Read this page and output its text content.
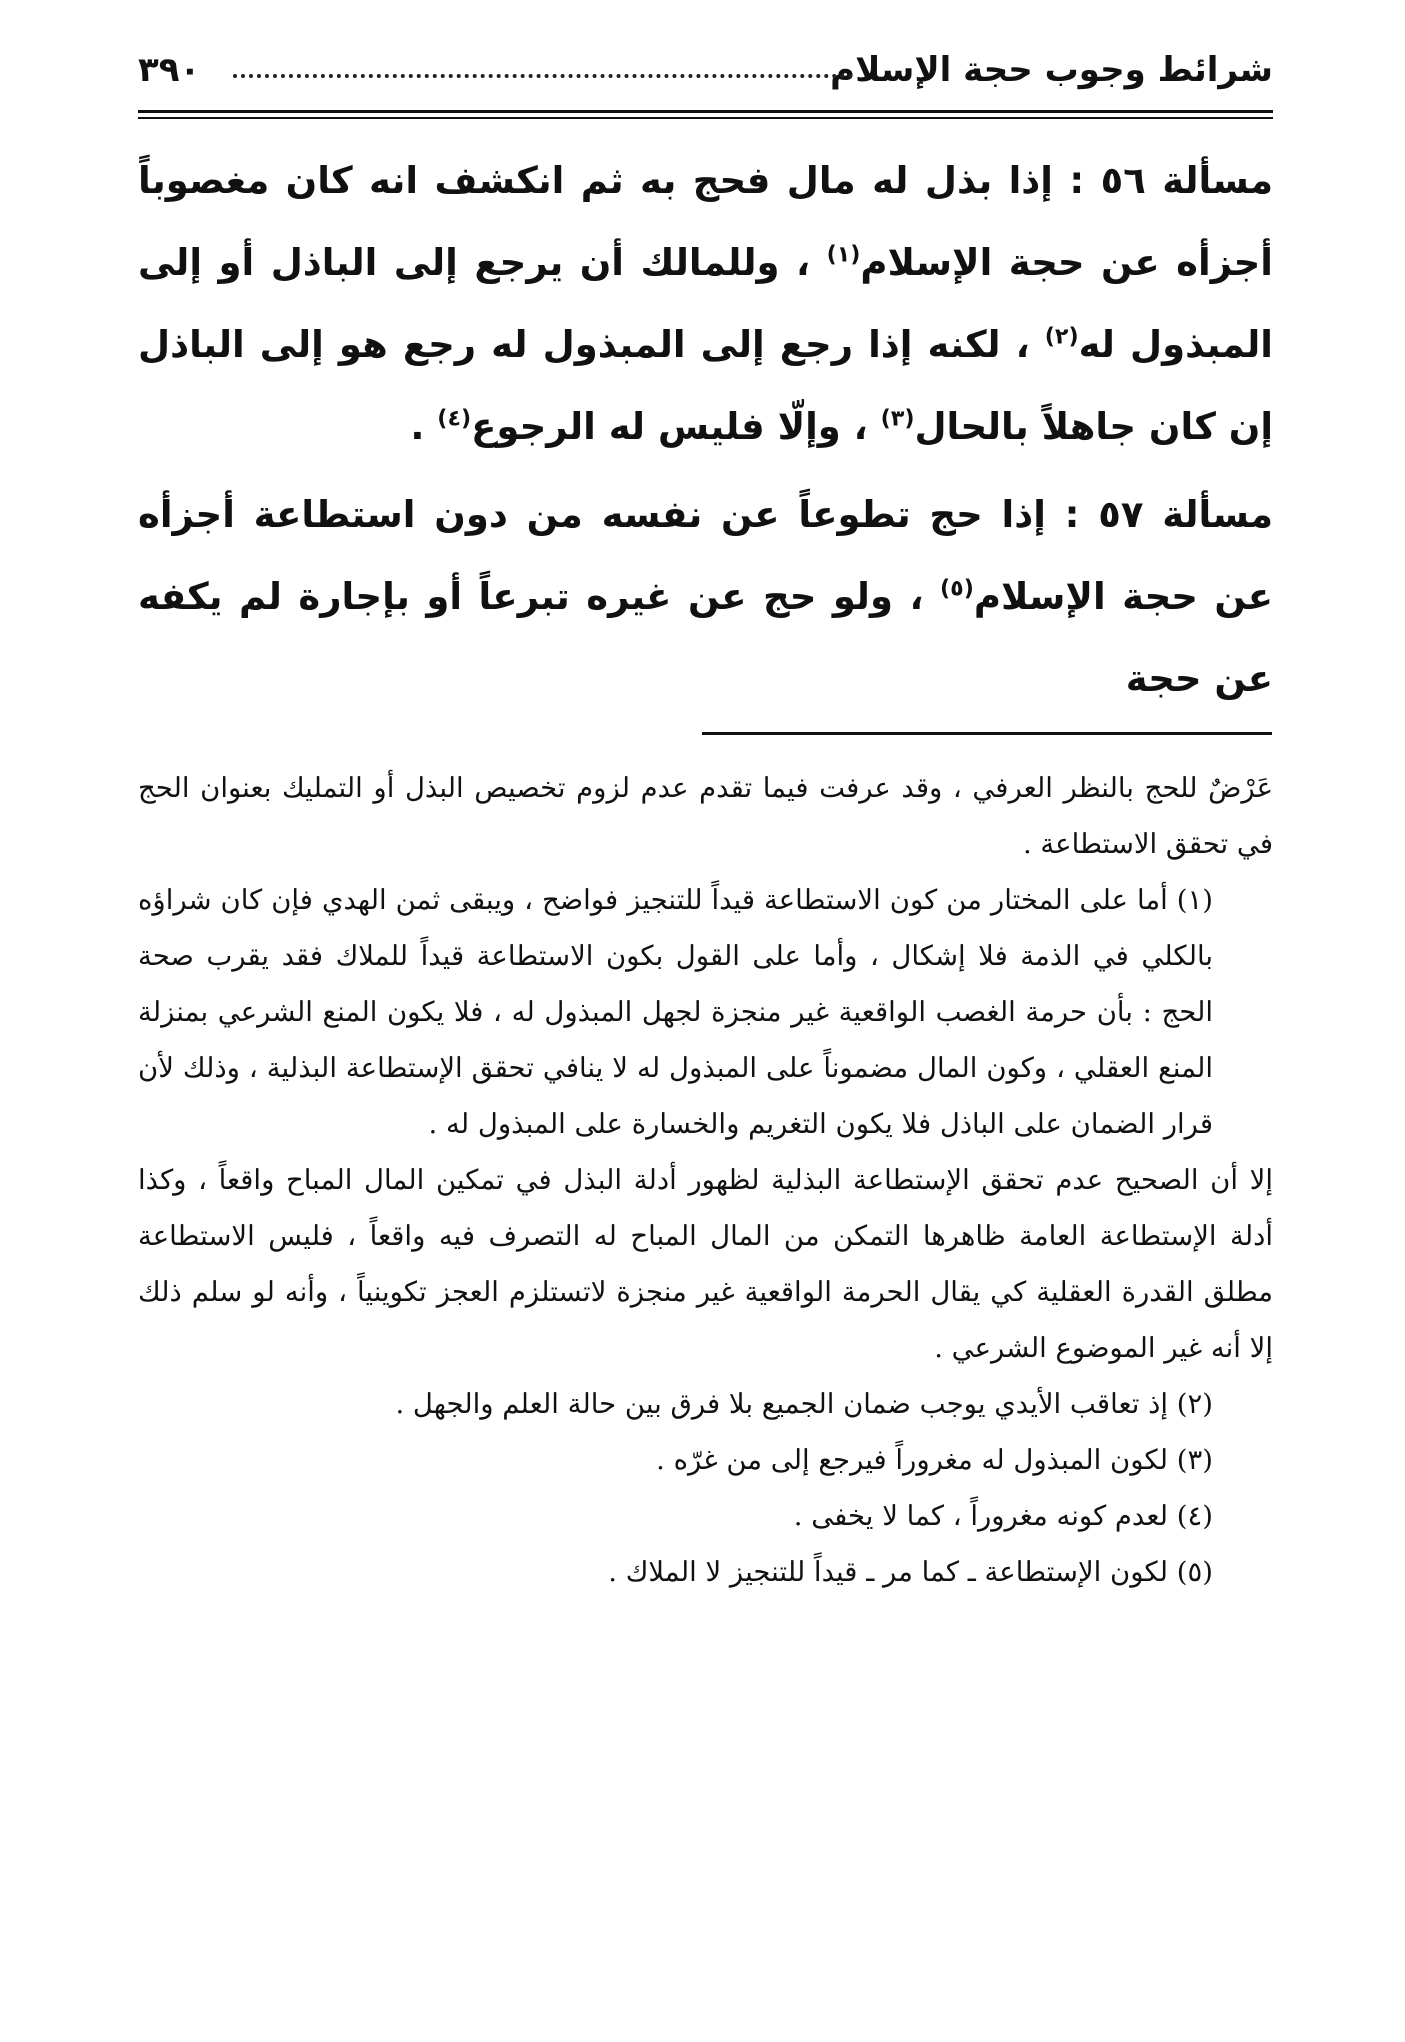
شرائط وجوب حجة الإسلام
٣٩٠

مسألة ٥٦ : إذا بذل له مال فحج به ثم انكشف انه كان مغصوباً أجزأه عن حجة الإسلام$^{(١)}$ ، وللمالك أن يرجع إلى الباذل أو إلى المبذول له$^{(٢)}$ ، لكنه إذا رجع إلى المبذول له رجع هو إلى الباذل إن كان جاهلاً بالحال$^{(٣)}$ ، وإلّا فليس له الرجوع$^{(٤)}$ .

مسألة ٥٧ : إذا حج تطوعاً عن نفسه من دون استطاعة أجزأه عن حجة الإسلام$^{(٥)}$ ، ولو حج عن غيره تبرعاً أو بإجارة لم يكفه عن حجة

عَرْضٌ للحج بالنظر العرفي ، وقد عرفت فيما تقدم عدم لزوم تخصيص البذل أو التمليك بعنوان الحج في تحقق الاستطاعة .

(١) أما على المختار من كون الاستطاعة قيداً للتنجيز فواضح ، ويبقى ثمن الهدي فإن كان شراؤه بالكلي في الذمة فلا إشكال ، وأما على القول بكون الاستطاعة قيداً للملاك فقد يقرب صحة الحج : بأن حرمة الغصب الواقعية غير منجزة لجهل المبذول له ، فلا يكون المنع الشرعي بمنزلة المنع العقلي ، وكون المال مضموناً على المبذول له لا ينافي تحقق الإستطاعة البذلية ، وذلك لأن قرار الضمان على الباذل فلا يكون التغريم والخسارة على المبذول له .

إلا أن الصحيح عدم تحقق الإستطاعة البذلية لظهور أدلة البذل في تمكين المال المباح واقعاً ، وكذا أدلة الإستطاعة العامة ظاهرها التمكن من المال المباح له التصرف فيه واقعاً ، فليس الاستطاعة مطلق القدرة العقلية كي يقال الحرمة الواقعية غير منجزة لاتستلزم العجز تكوينياً ، وأنه لو سلم ذلك إلا أنه غير الموضوع الشرعي .

(٢) إذ تعاقب الأيدي يوجب ضمان الجميع بلا فرق بين حالة العلم والجهل .

(٣) لكون المبذول له مغروراً فيرجع إلى من غرّه .

(٤) لعدم كونه مغروراً ، كما لا يخفى .

(٥) لكون الإستطاعة ـ كما مر ـ قيداً للتنجيز لا الملاك .
